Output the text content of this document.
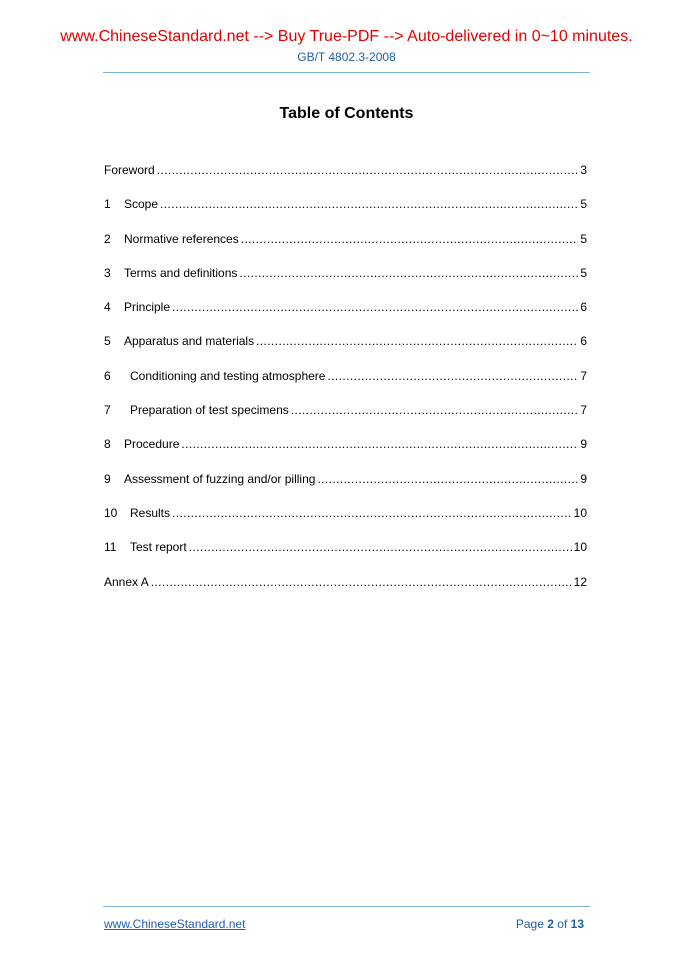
www.ChineseStandard.net --> Buy True-PDF --> Auto-delivered in 0~10 minutes.
GB/T 4802.3-2008
Table of Contents
Foreword .....	3
1 Scope .....	5
2 Normative references .....	5
3 Terms and definitions .....	5
4 Principle .....	6
5 Apparatus and materials .....	6
6 Conditioning and testing atmosphere .....	7
7 Preparation of test specimens .....	7
8 Procedure .....	9
9 Assessment of fuzzing and/or pilling .....	9
10 Results .....	10
11 Test report .....	10
Annex A .....	12
www.ChineseStandard.net	Page 2 of 13
